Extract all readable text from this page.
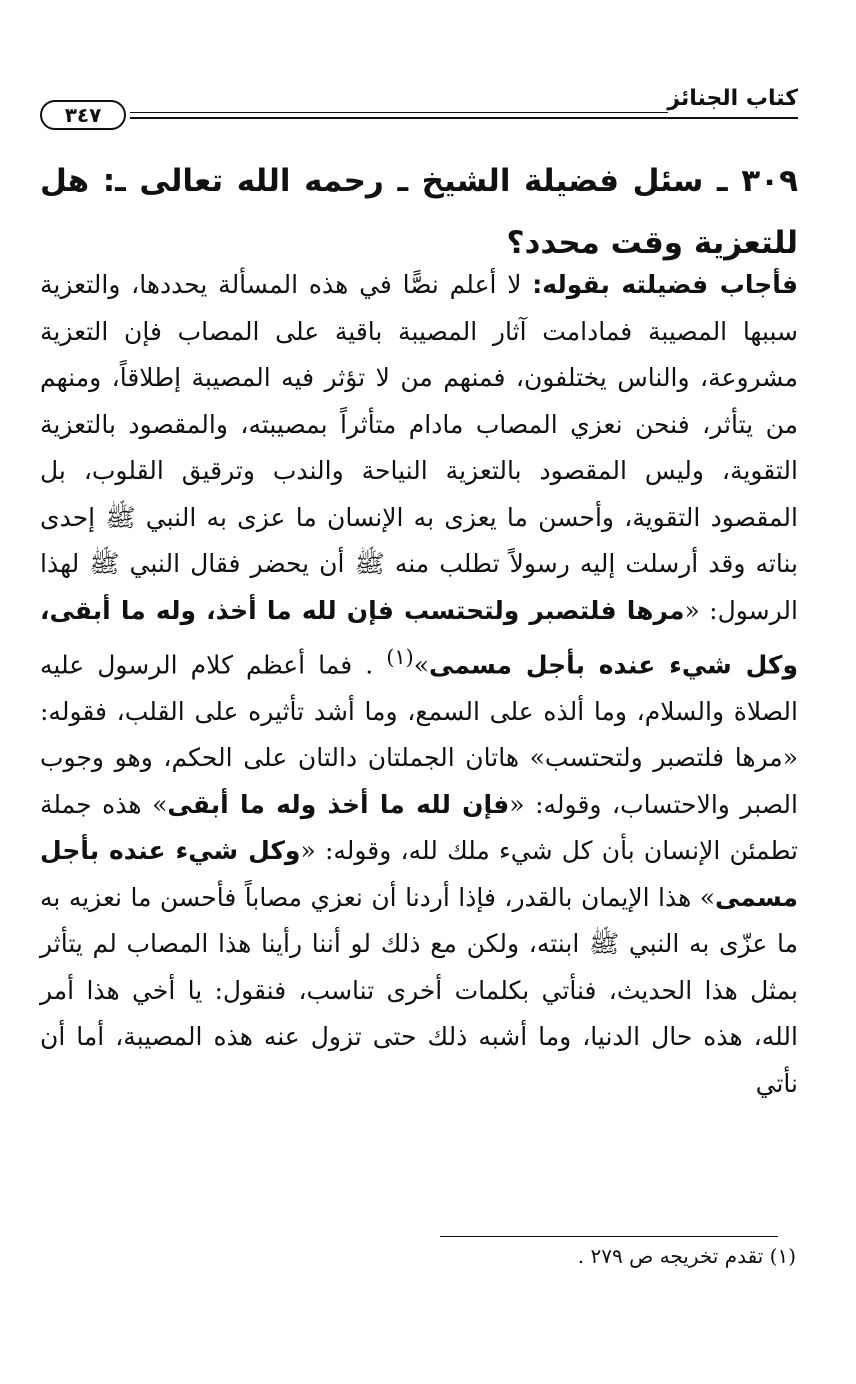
كتاب الجنائز
٣٤٧
٣٠٩ ـ سئل فضيلة الشيخ ـ رحمه الله تعالى ـ: هل للتعزية وقت محدد؟
فأجاب فضيلته بقوله: لا أعلم نصًّا في هذه المسألة يحددها، والتعزية سببها المصيبة فمادامت آثار المصيبة باقية على المصاب فإن التعزية مشروعة، والناس يختلفون، فمنهم من لا تؤثر فيه المصيبة إطلاقاً، ومنهم من يتأثر، فنحن نعزي المصاب مادام متأثراً بمصيبته، والمقصود بالتعزية التقوية، وليس المقصود بالتعزية النياحة والندب وترقيق القلوب، بل المقصود التقوية، وأحسن ما يعزى به الإنسان ما عزى به النبي ﷺ إحدى بناته وقد أرسلت إليه رسولاً تطلب منه ﷺ أن يحضر فقال النبي ﷺ لهذا الرسول: «مرها فلتصبر ولتحتسب فإن لله ما أخذ، وله ما أبقى، وكل شيء عنده بأجل مسمى»$^{(١)}$ . فما أعظم كلام الرسول عليه الصلاة والسلام، وما ألذه على السمع، وما أشد تأثيره على القلب، فقوله: «مرها فلتصبر ولتحتسب» هاتان الجملتان دالتان على الحكم، وهو وجوب الصبر والاحتساب، وقوله: «فإن لله ما أخذ وله ما أبقى» هذه جملة تطمئن الإنسان بأن كل شيء ملك لله، وقوله: «وكل شيء عنده بأجل مسمى» هذا الإيمان بالقدر، فإذا أردنا أن نعزي مصاباً فأحسن ما نعزيه به ما عزّى به النبي ﷺ ابنته، ولكن مع ذلك لو أننا رأينا هذا المصاب لم يتأثر بمثل هذا الحديث، فنأتي بكلمات أخرى تناسب، فنقول: يا أخي هذا أمر الله، هذه حال الدنيا، وما أشبه ذلك حتى تزول عنه هذه المصيبة، أما أن نأتي
(١) تقدم تخريجه ص ٢٧٩ .
